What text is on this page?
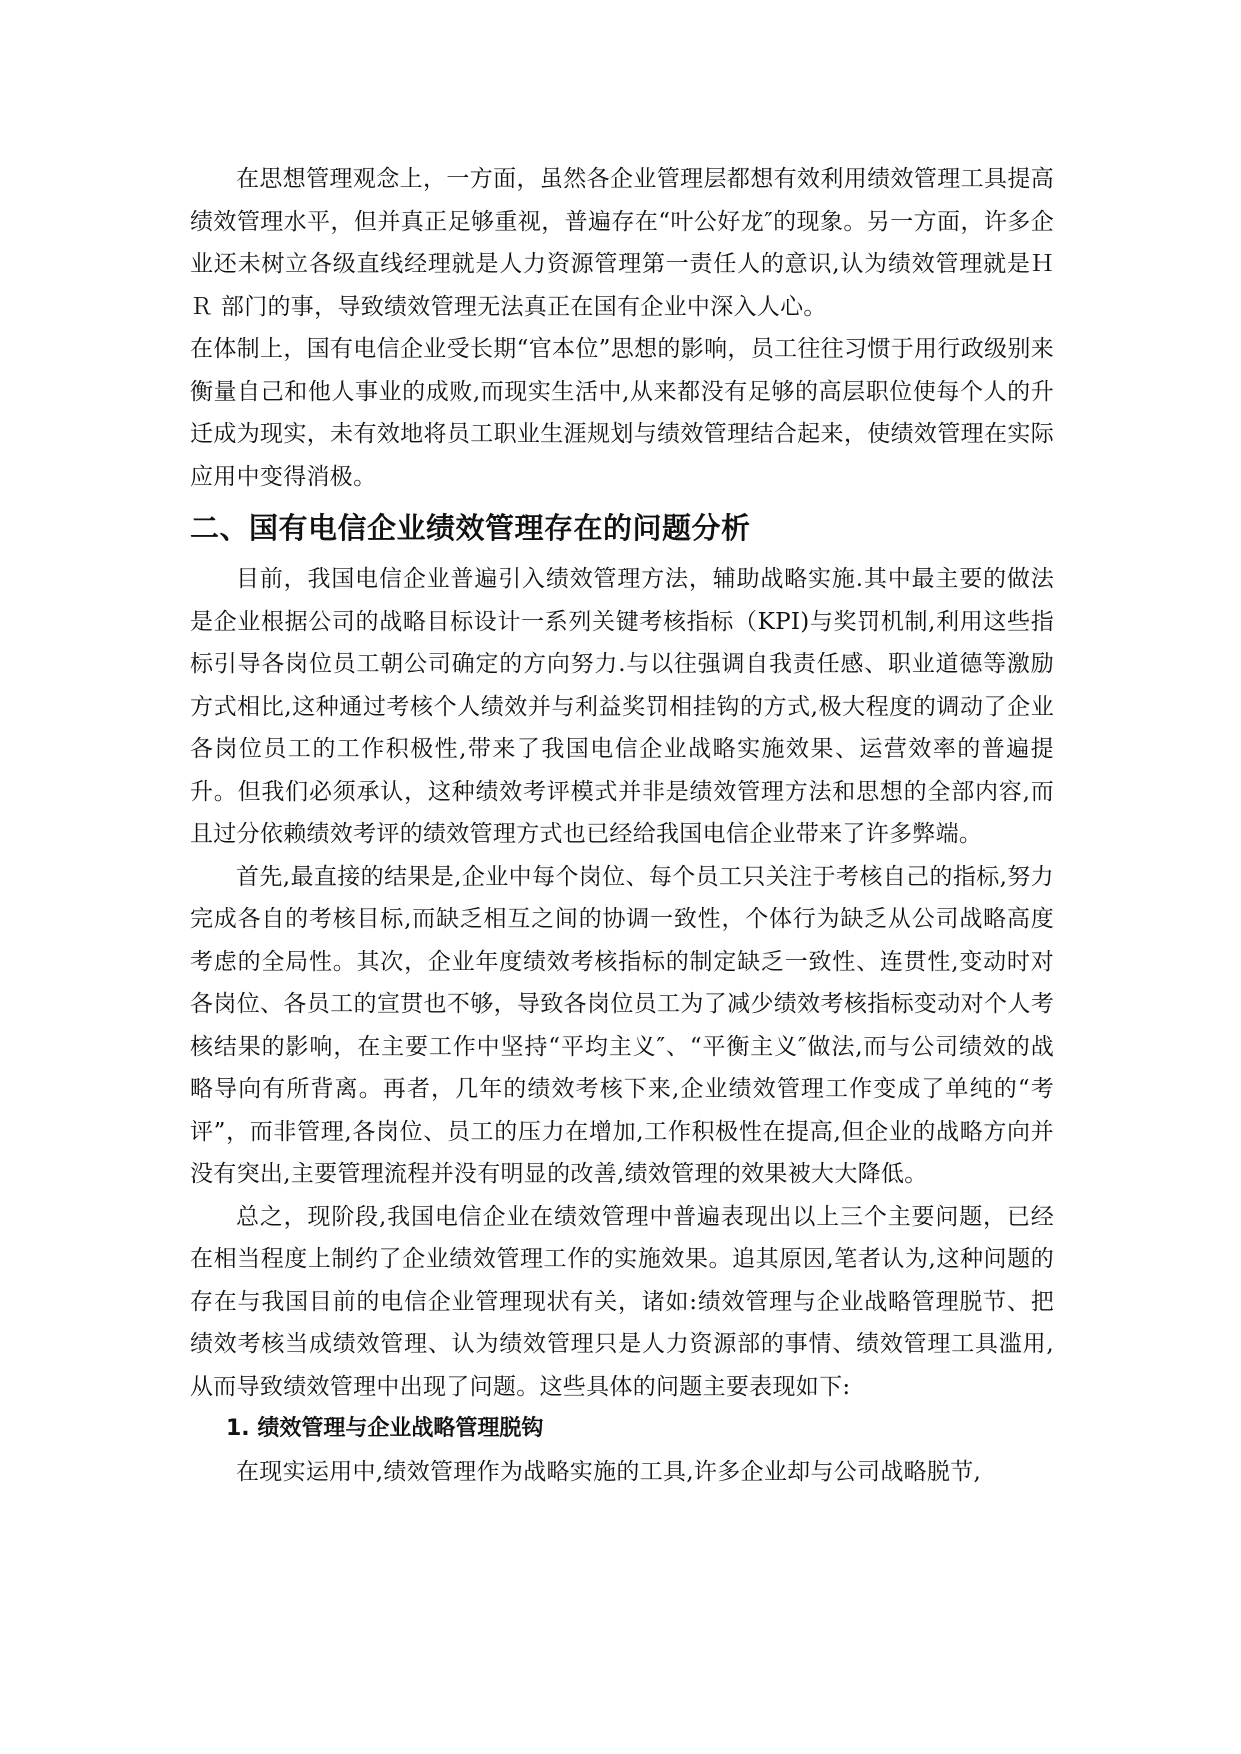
在思想管理观念上，一方面，虽然各企业管理层都想有效利用绩效管理工具提高绩效管理水平，但并真正足够重视，普遍存在“叶公好龙″的现象。另一方面，许多企业还未树立各级直线经理就是人力资源管理第一责任人的意识,认为绩效管理就是ＨＲ 部门的事，导致绩效管理无法真正在国有企业中深入人心。

在体制上，国有电信企业受长期“官本位”思想的影响，员工往往习惯于用行政级别来衡量自己和他人事业的成败,而现实生活中,从来都没有足够的高层职位使每个人的升迁成为现实，未有效地将员工职业生涯规划与绩效管理结合起来，使绩效管理在实际应用中变得消极。

二、国有电信企业绩效管理存在的问题分析

目前，我国电信企业普遍引入绩效管理方法，辅助战略实施.其中最主要的做法是企业根据公司的战略目标设计一系列关键考核指标（KPI)与奖罚机制,利用这些指标引导各岗位员工朝公司确定的方向努力.与以往强调自我责任感、职业道德等激励方式相比,这种通过考核个人绩效并与利益奖罚相挂钩的方式,极大程度的调动了企业各岗位员工的工作积极性,带来了我国电信企业战略实施效果、运营效率的普遍提升。但我们必须承认，这种绩效考评模式并非是绩效管理方法和思想的全部内容,而且过分依赖绩效考评的绩效管理方式也已经给我国电信企业带来了许多弊端。

首先,最直接的结果是,企业中每个岗位、每个员工只关注于考核自己的指标,努力完成各自的考核目标,而缺乏相互之间的协调一致性，个体行为缺乏从公司战略高度考虑的全局性。其次，企业年度绩效考核指标的制定缺乏一致性、连贯性,变动时对各岗位、各员工的宣贯也不够，导致各岗位员工为了减少绩效考核指标变动对个人考核结果的影响，在主要工作中坚持“平均主义″、“平衡主义″做法,而与公司绩效的战略导向有所背离。再者，几年的绩效考核下来,企业绩效管理工作变成了单纯的“考评”，而非管理,各岗位、员工的压力在增加,工作积极性在提高,但企业的战略方向并没有突出,主要管理流程并没有明显的改善,绩效管理的效果被大大降低。

总之，现阶段,我国电信企业在绩效管理中普遍表现出以上三个主要问题，已经在相当程度上制约了企业绩效管理工作的实施效果。追其原因,笔者认为,这种问题的存在与我国目前的电信企业管理现状有关，诸如:绩效管理与企业战略管理脱节、把绩效考核当成绩效管理、认为绩效管理只是人力资源部的事情、绩效管理工具滥用,从而导致绩效管理中出现了问题。这些具体的问题主要表现如下:

1. 绩效管理与企业战略管理脱钩

在现实运用中,绩效管理作为战略实施的工具,许多企业却与公司战略脱节,
